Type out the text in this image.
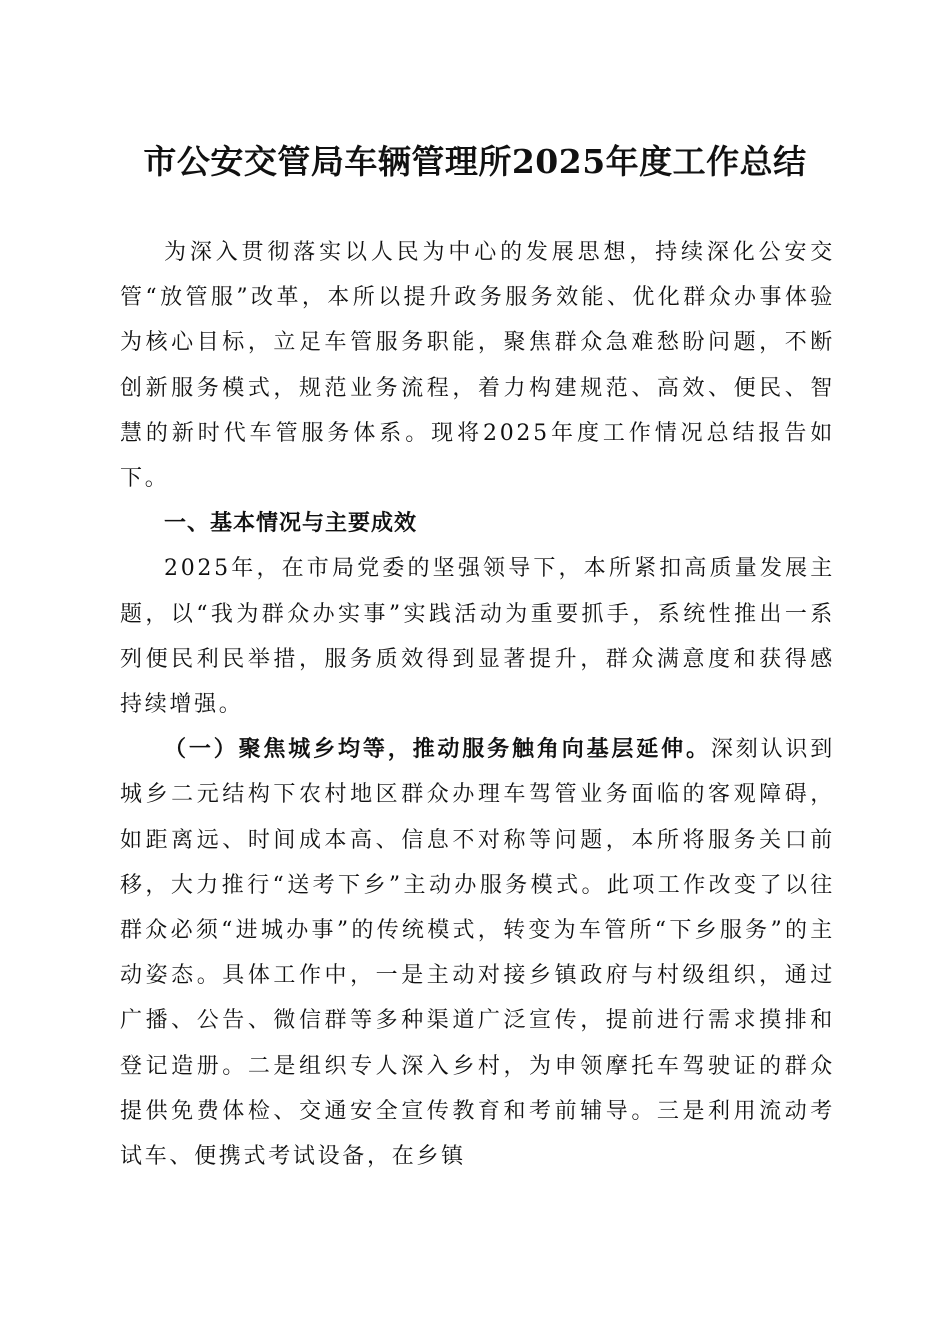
市公安交管局车辆管理所2025年度工作总结

为深入贯彻落实以人民为中心的发展思想，持续深化公安交管“放管服”改革，本所以提升政务服务效能、优化群众办事体验为核心目标，立足车管服务职能，聚焦群众急难愁盼问题，不断创新服务模式，规范业务流程，着力构建规范、高效、便民、智慧的新时代车管服务体系。现将2025年度工作情况总结报告如下。

一、基本情况与主要成效

2025年，在市局党委的坚强领导下，本所紧扣高质量发展主题，以“我为群众办实事”实践活动为重要抓手，系统性推出一系列便民利民举措，服务质效得到显著提升，群众满意度和获得感持续增强。

（一）聚焦城乡均等，推动服务触角向基层延伸。深刻认识到城乡二元结构下农村地区群众办理车驾管业务面临的客观障碍，如距离远、时间成本高、信息不对称等问题，本所将服务关口前移，大力推行“送考下乡”主动办服务模式。此项工作改变了以往群众必须“进城办事”的传统模式，转变为车管所“下乡服务”的主动姿态。具体工作中，一是主动对接乡镇政府与村级组织，通过广播、公告、微信群等多种渠道广泛宣传，提前进行需求摸排和登记造册。二是组织专人深入乡村，为申领摩托车驾驶证的群众提供免费体检、交通安全宣传教育和考前辅导。三是利用流动考试车、便携式考试设备，在乡镇
